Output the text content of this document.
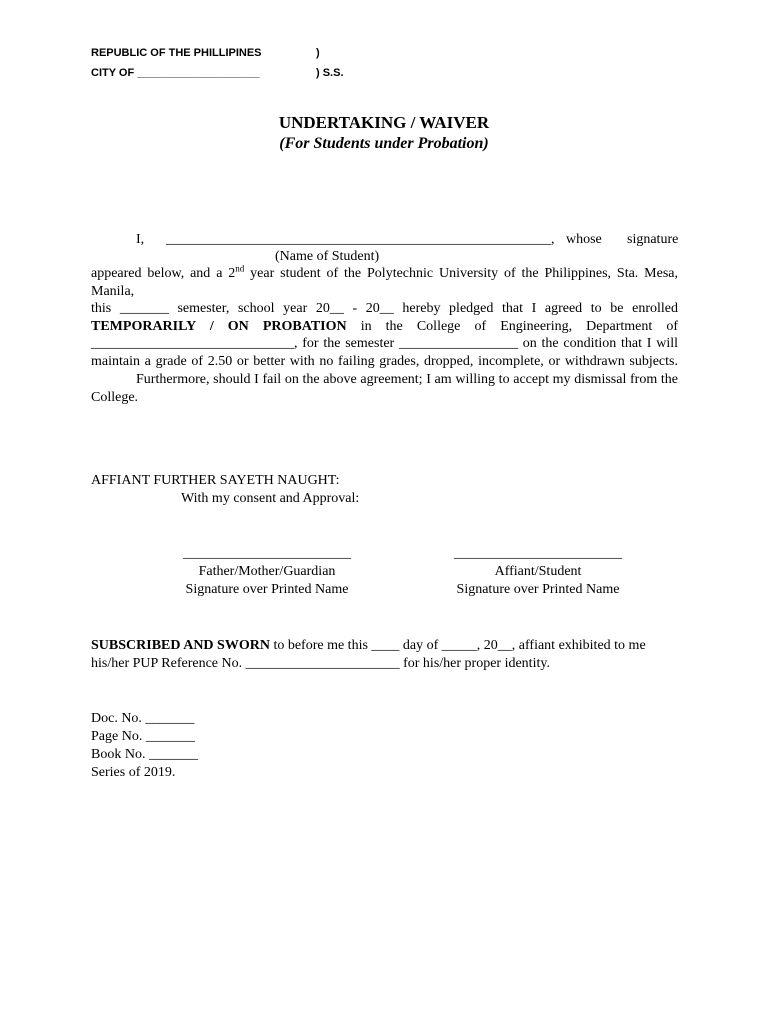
REPUBLIC OF THE PHILLIPINES	)
CITY OF ____________________	) S.S.
UNDERTAKING / WAIVER
(For Students under Probation)
I, _______________________________________________________, whose signature
(Name of Student)

appeared below, and a 2nd year student of the Polytechnic University of the Philippines, Sta. Mesa, Manila,

this _______ semester, school year 20__ - 20__ hereby pledged that I agreed to be enrolled

TEMPORARILY / ON PROBATION in the College of Engineering, Department of

_____________________________, for the semester _________________ on the condition that I will

maintain a grade of 2.50 or better with no failing grades, dropped, incomplete, or withdrawn subjects.

Furthermore, should I fail on the above agreement; I am willing to accept my dismissal from the

College.

AFFIANT FURTHER SAYETH NAUGHT:
With my consent and Approval:
________________________
Father/Mother/Guardian
Signature over Printed Name
________________________
Affiant/Student
Signature over Printed Name
SUBSCRIBED AND SWORN to before me this ____ day of _____, 20__, affiant exhibited to me
his/her PUP Reference No. ______________________ for his/her proper identity.
Doc. No. _______
Page No. _______
Book No. _______
Series of 2019.
